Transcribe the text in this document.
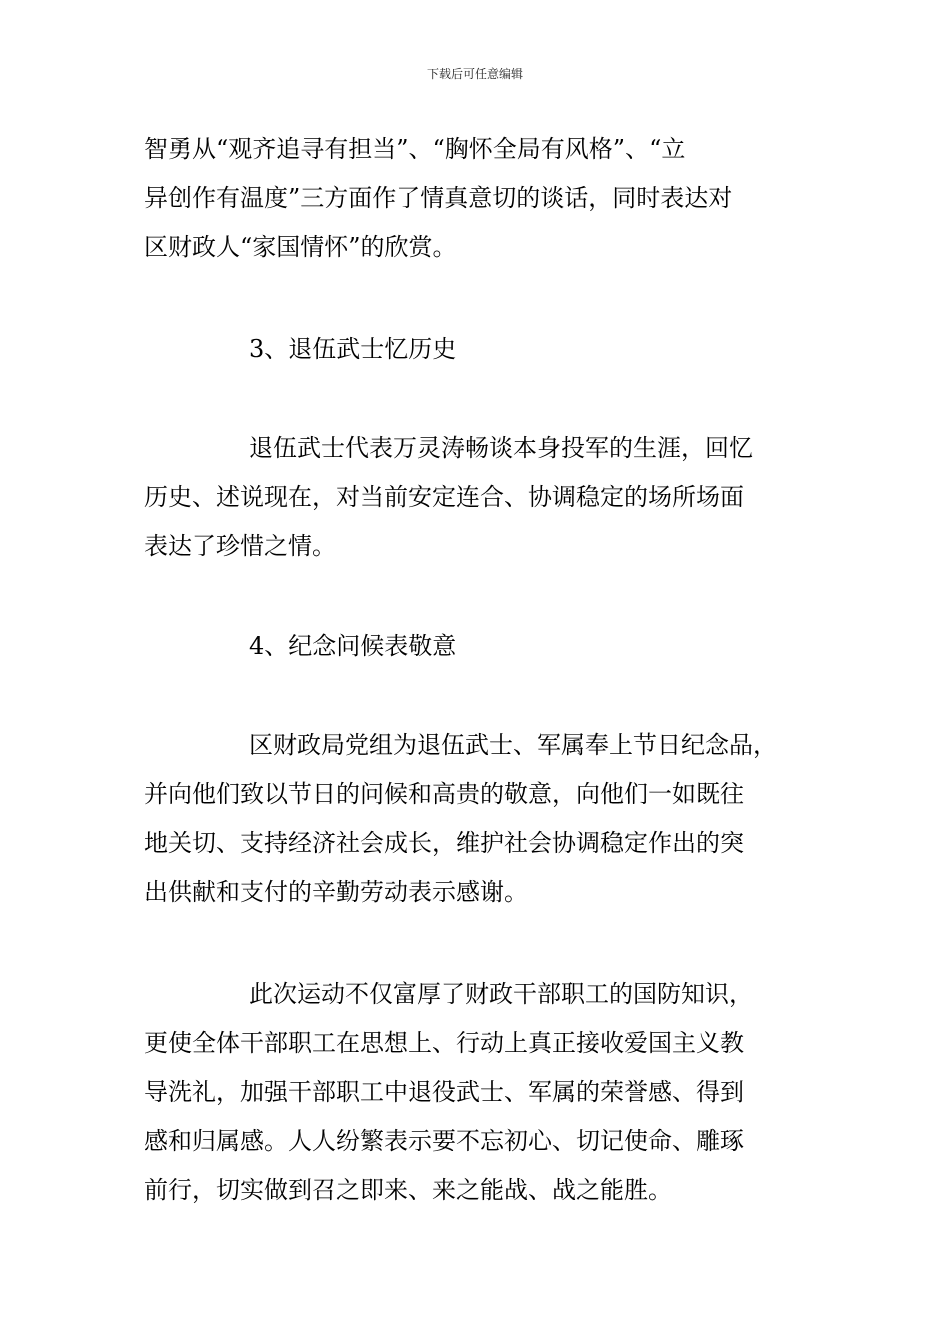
下载后可任意编辑
智勇从“观齐追寻有担当”、“胸怀全局有风格”、“立
异创作有温度”三方面作了情真意切的谈话，同时表达对
区财政人“家国情怀”的欣赏。
3、退伍武士忆历史
退伍武士代表万灵涛畅谈本身投军的生涯，回忆
历史、述说现在，对当前安定连合、协调稳定的场所场面
表达了珍惜之情。
4、纪念问候表敬意
区财政局党组为退伍武士、军属奉上节日纪念品，
并向他们致以节日的问候和高贵的敬意，向他们一如既往
地关切、支持经济社会成长，维护社会协调稳定作出的突
出供献和支付的辛勤劳动表示感谢。
此次运动不仅富厚了财政干部职工的国防知识，
更使全体干部职工在思想上、行动上真正接收爱国主义教
导洗礼，加强干部职工中退役武士、军属的荣誉感、得到
感和归属感。人人纷繁表示要不忘初心、切记使命、雕琢
前行，切实做到召之即来、来之能战、战之能胜。
